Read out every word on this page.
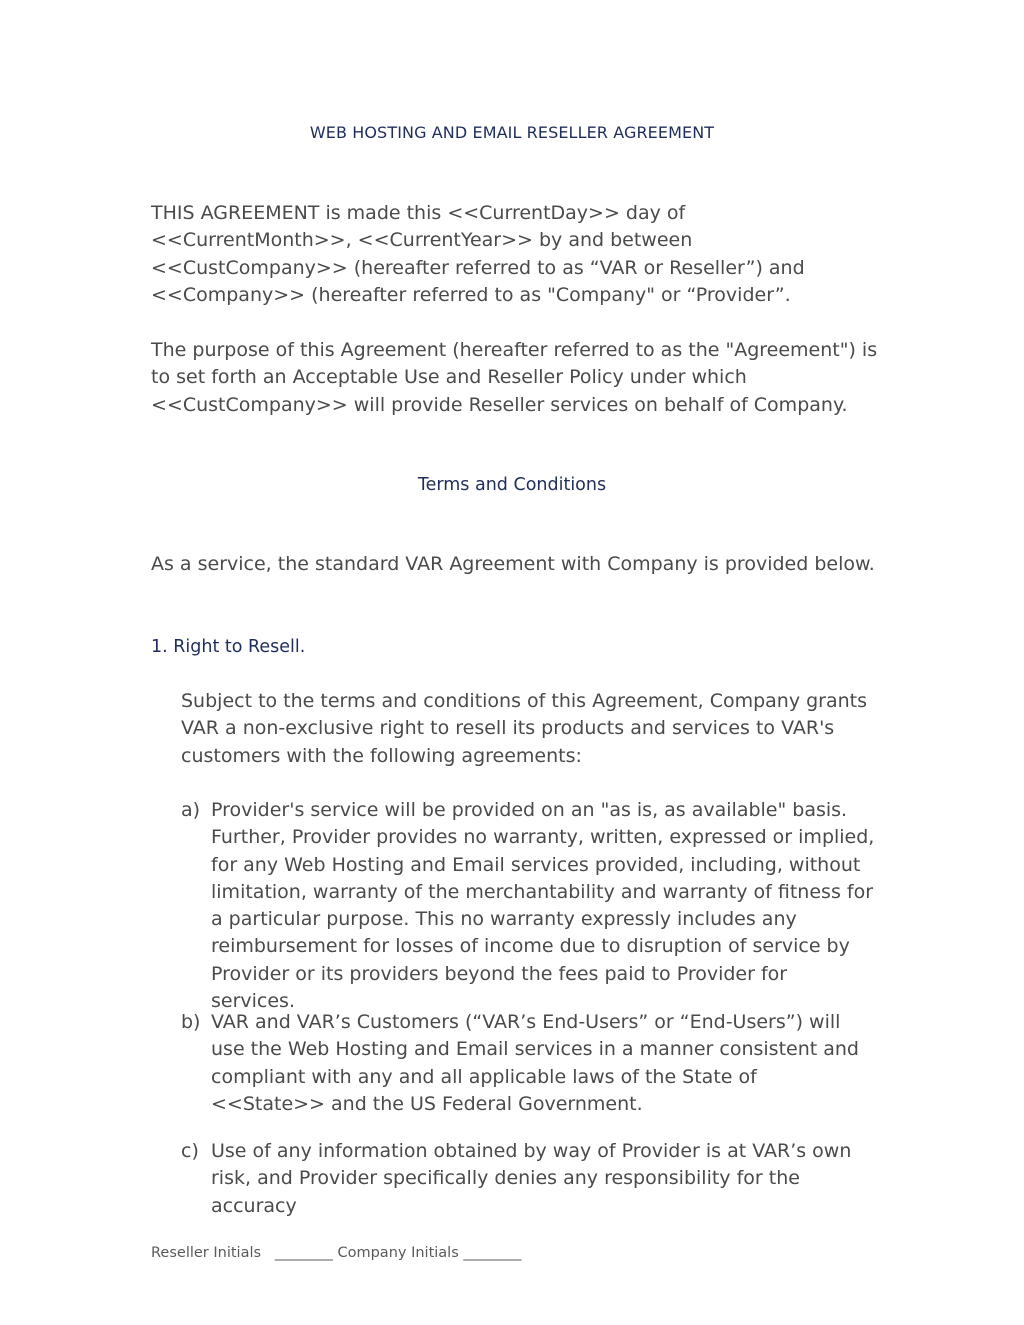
WEB HOSTING AND EMAIL RESELLER AGREEMENT
THIS AGREEMENT is made this <<CurrentDay>> day of <<CurrentMonth>>, <<CurrentYear>> by and between <<CustCompany>> (hereafter referred to as “VAR or Reseller”) and <<Company>> (hereafter referred to as "Company" or “Provider”.
The purpose of this Agreement (hereafter referred to as the "Agreement") is to set forth an Acceptable Use and Reseller Policy under which <<CustCompany>> will provide Reseller services on behalf of Company.
Terms and Conditions
As a service, the standard VAR Agreement with Company is provided below.
1. Right to Resell.
Subject to the terms and conditions of this Agreement, Company grants VAR a non-exclusive right to resell its products and services to VAR's customers with the following agreements:
a) Provider's service will be provided on an "as is, as available" basis. Further, Provider provides no warranty, written, expressed or implied, for any Web Hosting and Email services provided, including, without limitation, warranty of the merchantability and warranty of fitness for a particular purpose. This no warranty expressly includes any reimbursement for losses of income due to disruption of service by Provider or its providers beyond the fees paid to Provider for services.
b) VAR and VAR’s Customers (“VAR’s End-Users” or “End-Users”) will use the Web Hosting and Email services in a manner consistent and compliant with any and all applicable laws of the State of <<State>> and the US Federal Government.
c) Use of any information obtained by way of Provider is at VAR’s own risk, and Provider specifically denies any responsibility for the accuracy
Reseller Initials   ________ Company Initials ________
